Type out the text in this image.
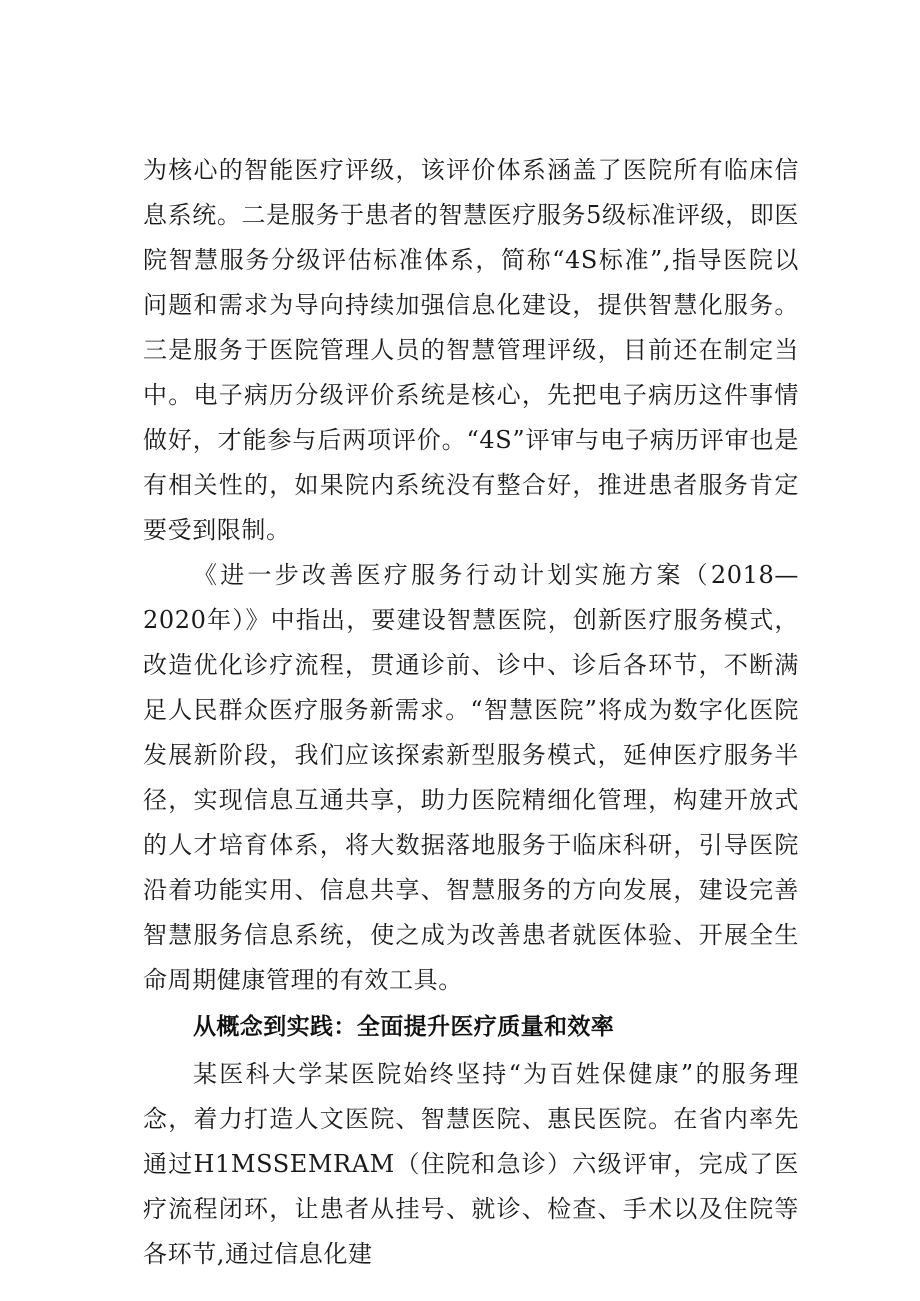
为核心的智能医疗评级，该评价体系涵盖了医院所有临床信息系统。二是服务于患者的智慧医疗服务5级标准评级，即医院智慧服务分级评估标准体系，简称“4S标准”,指导医院以问题和需求为导向持续加强信息化建设，提供智慧化服务。三是服务于医院管理人员的智慧管理评级，目前还在制定当中。电子病历分级评价系统是核心，先把电子病历这件事情做好，才能参与后两项评价。“4S”评审与电子病历评审也是有相关性的，如果院内系统没有整合好，推进患者服务肯定要受到限制。

《进一步改善医疗服务行动计划实施方案（2018—2020年）》中指出，要建设智慧医院，创新医疗服务模式，改造优化诊疗流程，贯通诊前、诊中、诊后各环节，不断满足人民群众医疗服务新需求。“智慧医院”将成为数字化医院发展新阶段，我们应该探索新型服务模式，延伸医疗服务半径，实现信息互通共享，助力医院精细化管理，构建开放式的人才培育体系，将大数据落地服务于临床科研，引导医院沿着功能实用、信息共享、智慧服务的方向发展，建设完善智慧服务信息系统，使之成为改善患者就医体验、开展全生命周期健康管理的有效工具。

从概念到实践：全面提升医疗质量和效率

某医科大学某医院始终坚持“为百姓保健康”的服务理念，着力打造人文医院、智慧医院、惠民医院。在省内率先通过H1MSSEMRAM（住院和急诊）六级评审，完成了医疗流程闭环，让患者从挂号、就诊、检查、手术以及住院等各环节,通过信息化建
